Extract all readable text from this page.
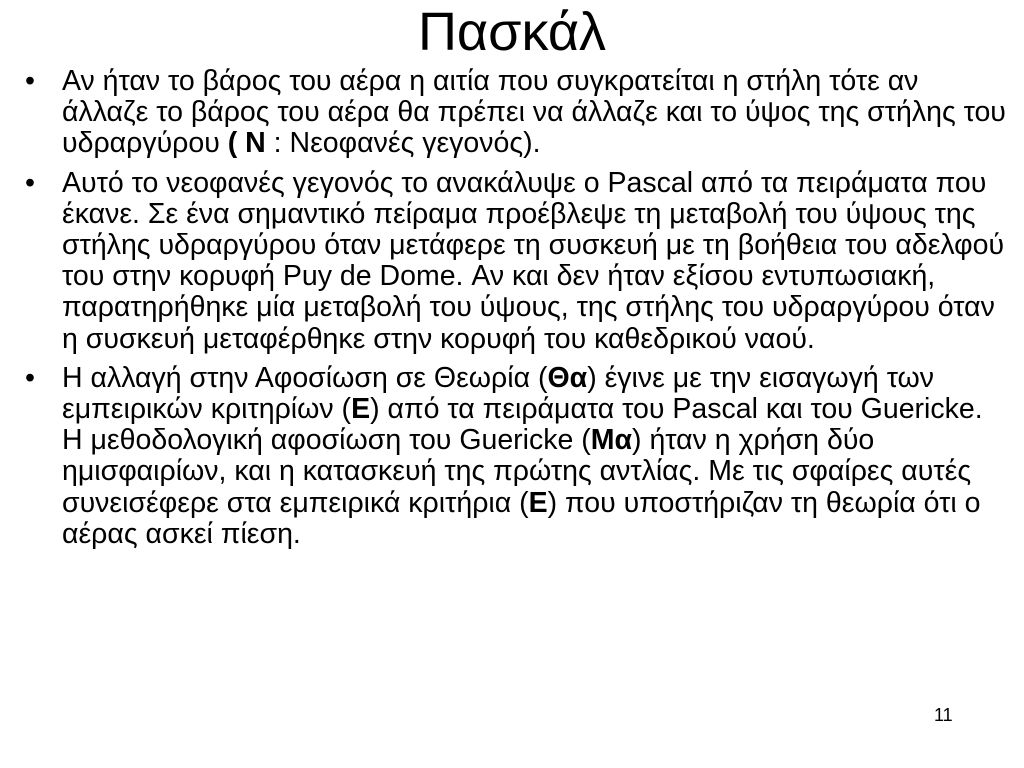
Πασκάλ
• Αν ήταν το βάρος του αέρα η αιτία που συγκρατείται η στήλη τότε αν άλλαζε το βάρος του αέρα θα πρέπει να άλλαζε και το ύψος της στήλης του υδραργύρου ( N : Νεοφανές γεγονός).
• Αυτό το νεοφανές γεγονός το ανακάλυψε ο Pascal από τα πειράματα που έκανε. Σε ένα σημαντικό πείραμα προέβλεψε τη μεταβολή του ύψους της στήλης υδραργύρου όταν μετάφερε τη συσκευή με τη βοήθεια του αδελφού του στην κορυφή Puy de Dome. Αν και δεν ήταν εξίσου εντυπωσιακή, παρατηρήθηκε μία μεταβολή του ύψους, της στήλης του υδραργύρου όταν η συσκευή μεταφέρθηκε στην κορυφή του καθεδρικού ναού.
• Η αλλαγή στην Αφοσίωση σε Θεωρία (Θα) έγινε με την εισαγωγή των εμπειρικών κριτηρίων (Ε) από τα πειράματα του Pascal και του Guericke. Η μεθοδολογική αφοσίωση του Guericke (Μα) ήταν η χρήση δύο ημισφαιρίων, και η κατασκευή της πρώτης αντλίας. Με τις σφαίρες αυτές συνεισέφερε στα εμπειρικά κριτήρια (Ε) που υποστήριζαν τη θεωρία ότι ο αέρας ασκεί πίεση.
11
